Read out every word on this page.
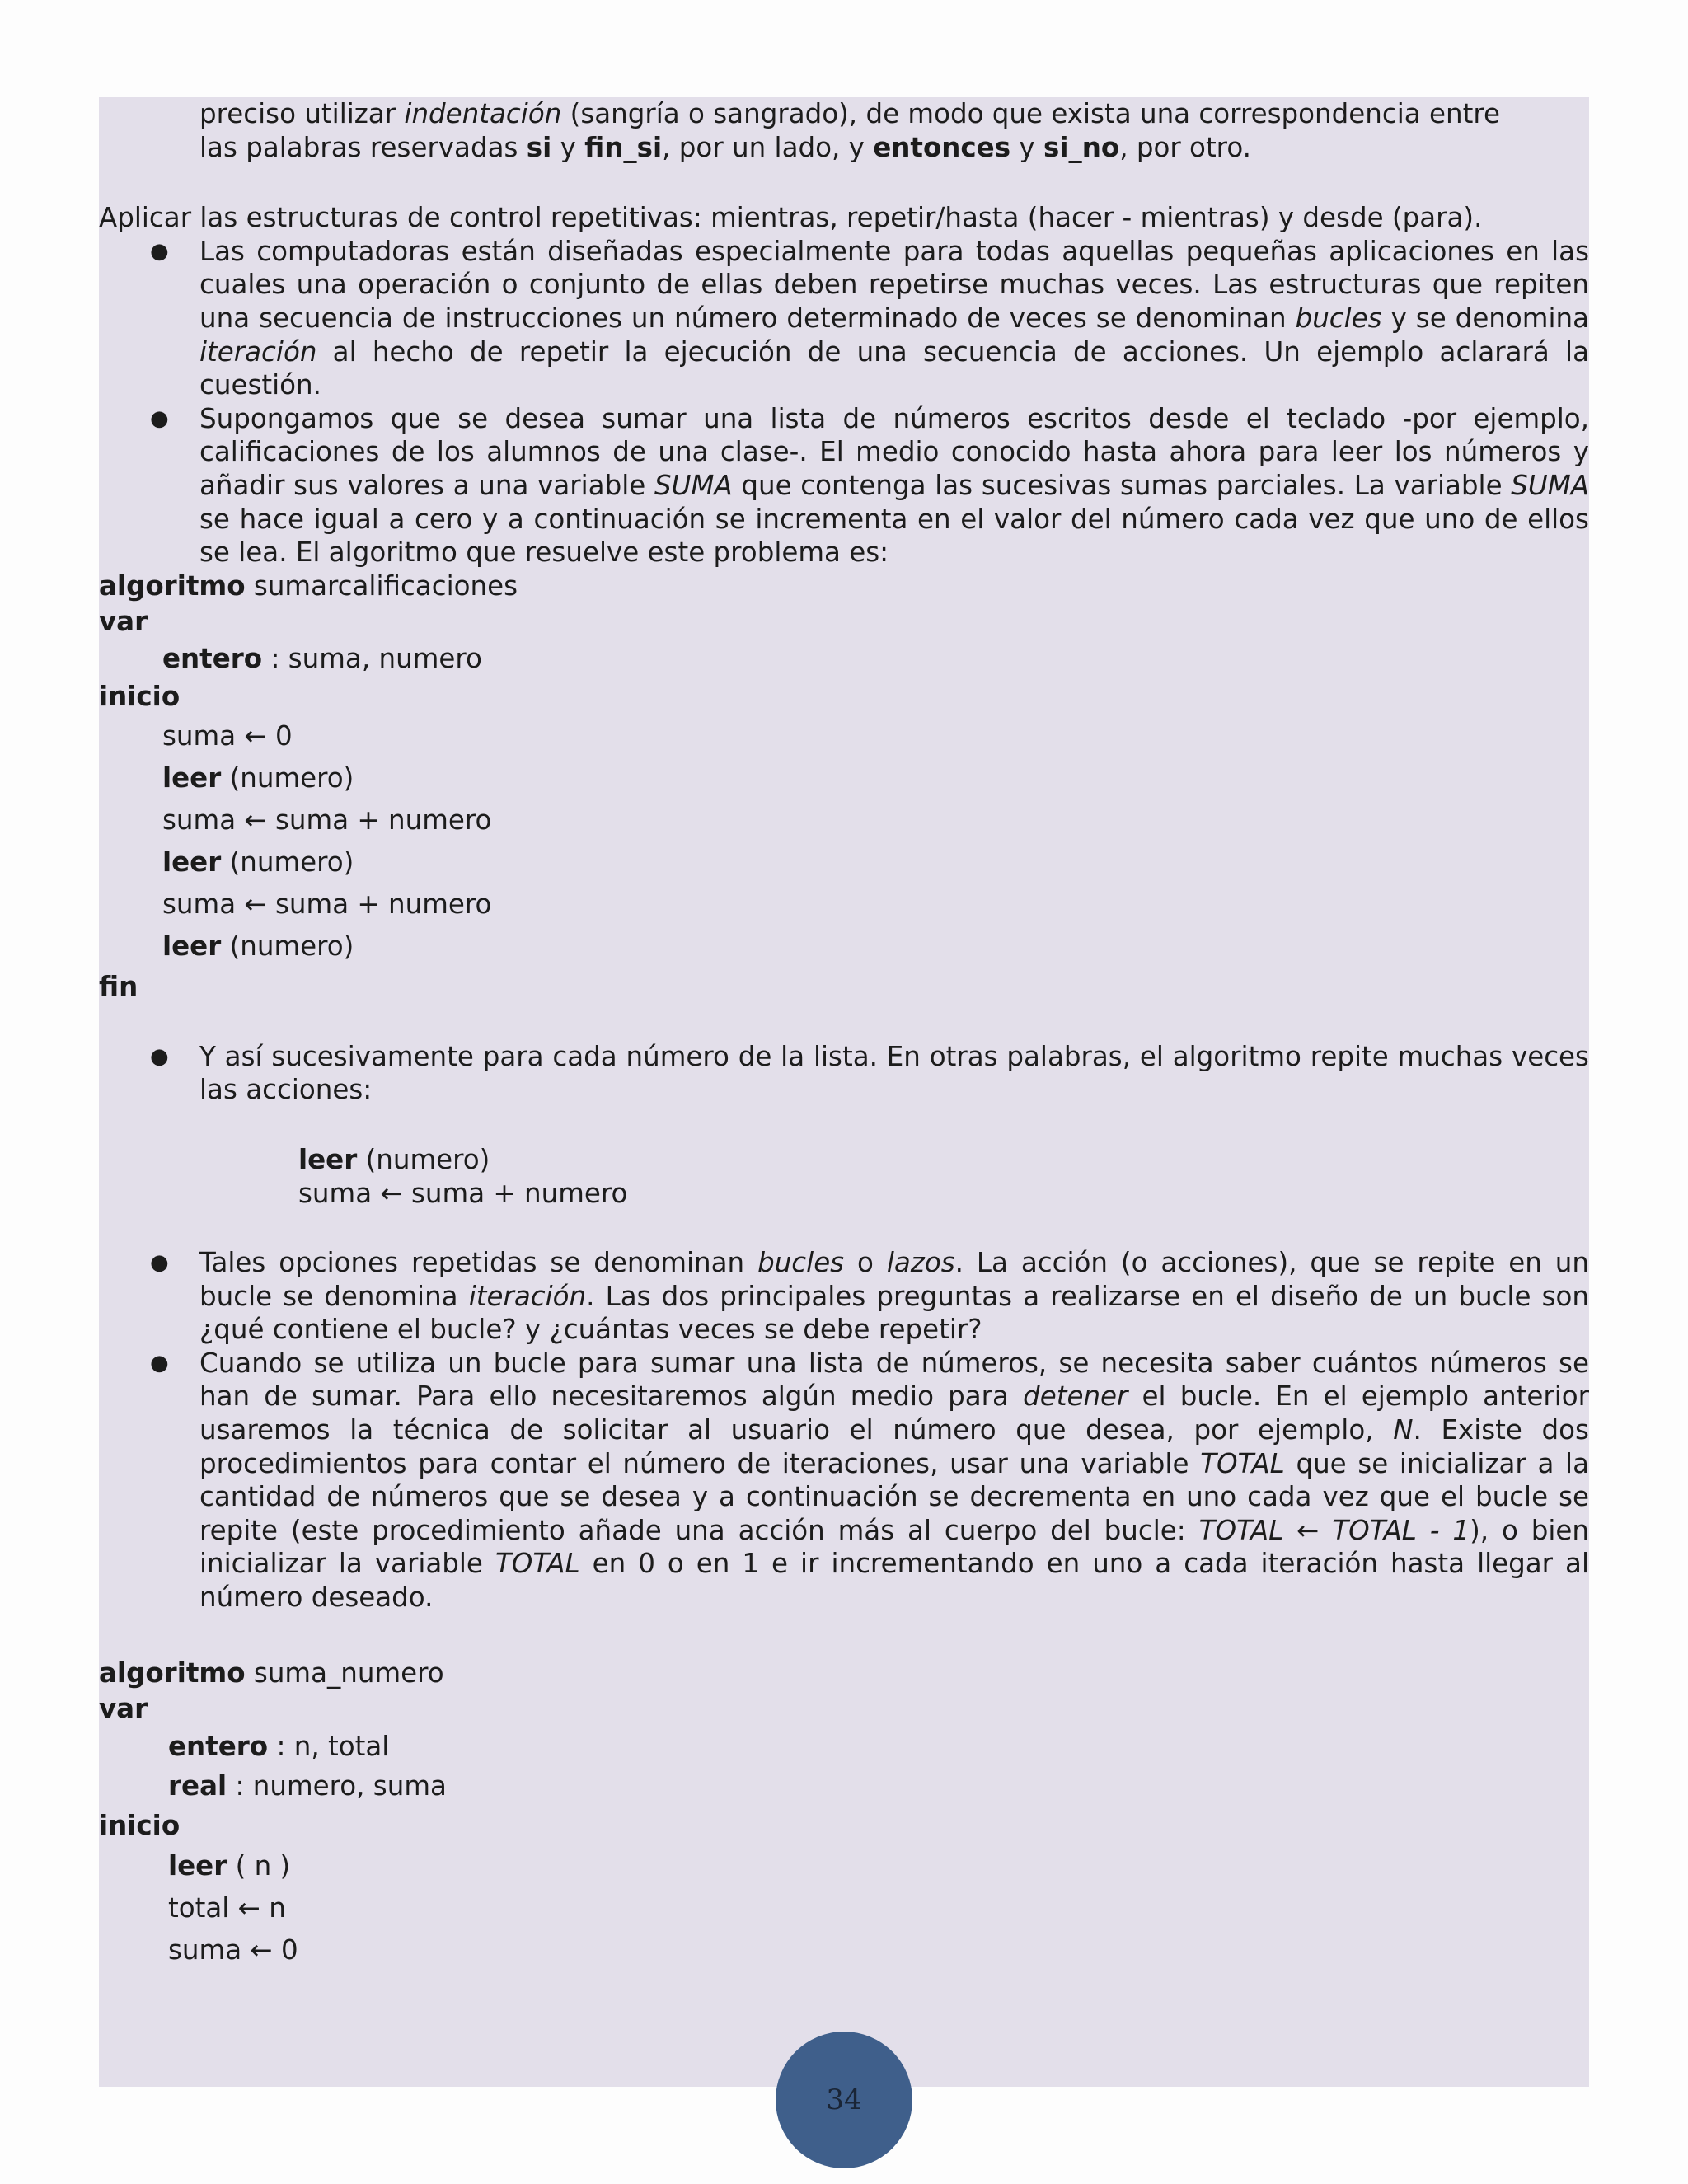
preciso utilizar indentación (sangría o sangrado), de modo que exista una correspondencia entre
las palabras reservadas si y fin_si, por un lado, y entonces y si_no, por otro.
Aplicar las estructuras de control repetitivas: mientras, repetir/hasta (hacer - mientras) y desde (para).
● Las computadoras están diseñadas especialmente para todas aquellas pequeñas aplicaciones en las cuales una operación o conjunto de ellas deben repetirse muchas veces. Las estructuras que repiten una secuencia de instrucciones un número determinado de veces se denominan bucles y se denomina iteración al hecho de repetir la ejecución de una secuencia de acciones. Un ejemplo aclarará la cuestión.
● Supongamos que se desea sumar una lista de números escritos desde el teclado -por ejemplo, calificaciones de los alumnos de una clase-. El medio conocido hasta ahora para leer los números y añadir sus valores a una variable SUMA que contenga las sucesivas sumas parciales. La variable SUMA se hace igual a cero y a continuación se incrementa en el valor del número cada vez que uno de ellos se lea. El algoritmo que resuelve este problema es:
algoritmo sumarcalificaciones
var
entero : suma, numero
inicio
suma ← 0
leer (numero)
suma ← suma + numero
leer (numero)
suma ← suma + numero
leer (numero)
fin
● Y así sucesivamente para cada número de la lista. En otras palabras, el algoritmo repite muchas veces las acciones:
leer (numero)
suma ← suma + numero
● Tales opciones repetidas se denominan bucles o lazos. La acción (o acciones), que se repite en un bucle se denomina iteración. Las dos principales preguntas a realizarse en el diseño de un bucle son ¿qué contiene el bucle? y ¿cuántas veces se debe repetir?
● Cuando se utiliza un bucle para sumar una lista de números, se necesita saber cuántos números se han de sumar. Para ello necesitaremos algún medio para detener el bucle. En el ejemplo anterior usaremos la técnica de solicitar al usuario el número que desea, por ejemplo, N. Existe dos procedimientos para contar el número de iteraciones, usar una variable TOTAL que se inicializar a la cantidad de números que se desea y a continuación se decrementa en uno cada vez que el bucle se repite (este procedimiento añade una acción más al cuerpo del bucle: TOTAL ← TOTAL - 1), o bien inicializar la variable TOTAL en 0 o en 1 e ir incrementando en uno a cada iteración hasta llegar al número deseado.
algoritmo suma_numero
var
entero : n, total
real : numero, suma
inicio
leer ( n )
total ← n
suma ← 0
34
